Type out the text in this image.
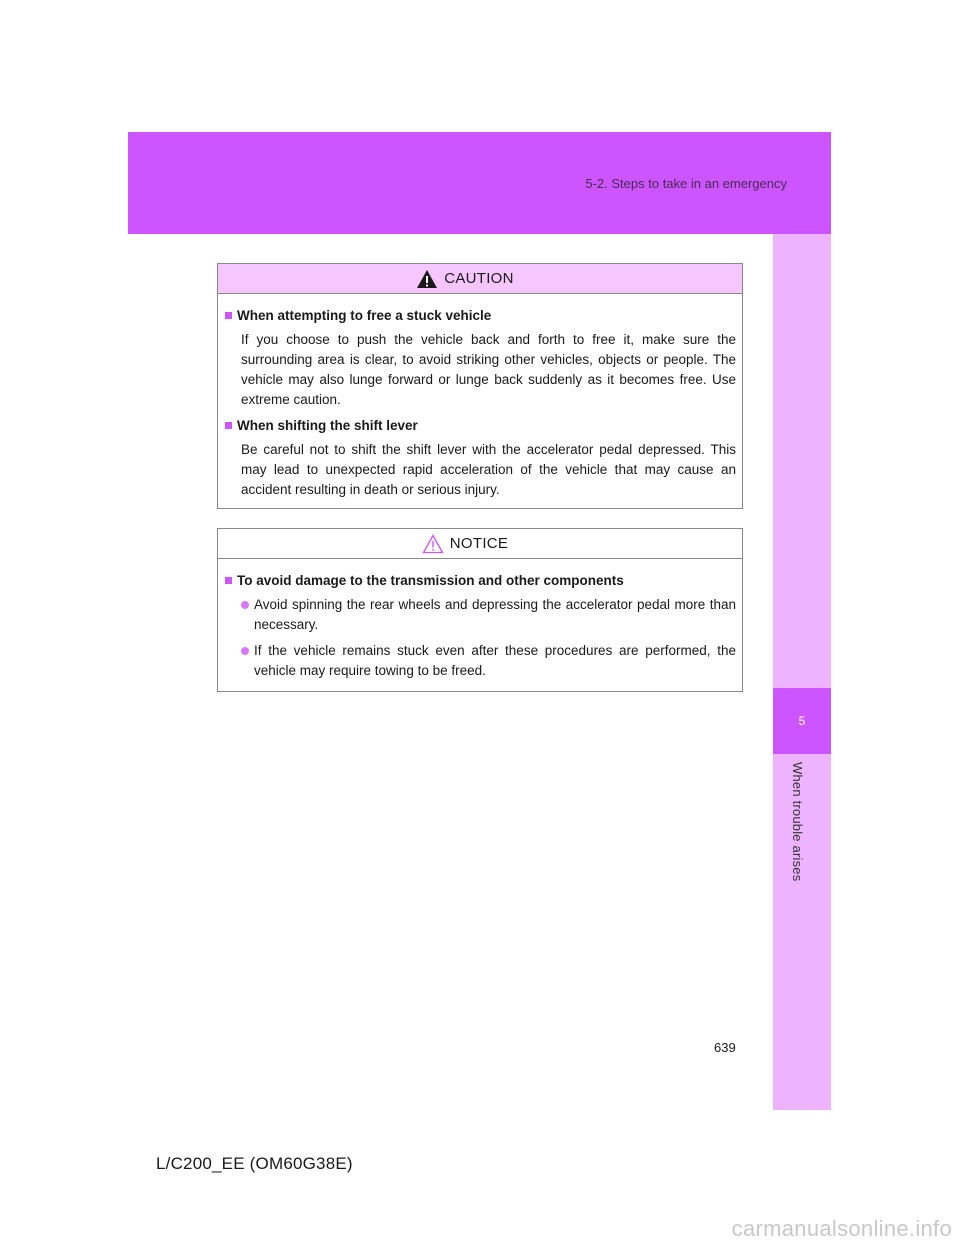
5-2. Steps to take in an emergency
5
When trouble arises
CAUTION
When attempting to free a stuck vehicle

If you choose to push the vehicle back and forth to free it, make sure the surrounding area is clear, to avoid striking other vehicles, objects or people. The vehicle may also lunge forward or lunge back suddenly as it becomes free. Use extreme caution.

When shifting the shift lever

Be careful not to shift the shift lever with the accelerator pedal depressed. This may lead to unexpected rapid acceleration of the vehicle that may cause an accident resulting in death or serious injury.

NOTICE
To avoid damage to the transmission and other components
Avoid spinning the rear wheels and depressing the accelerator pedal more than necessary.
If the vehicle remains stuck even after these procedures are performed, the vehicle may require towing to be freed.
639
L/C200_EE (OM60G38E)
carmanualsonline.info
